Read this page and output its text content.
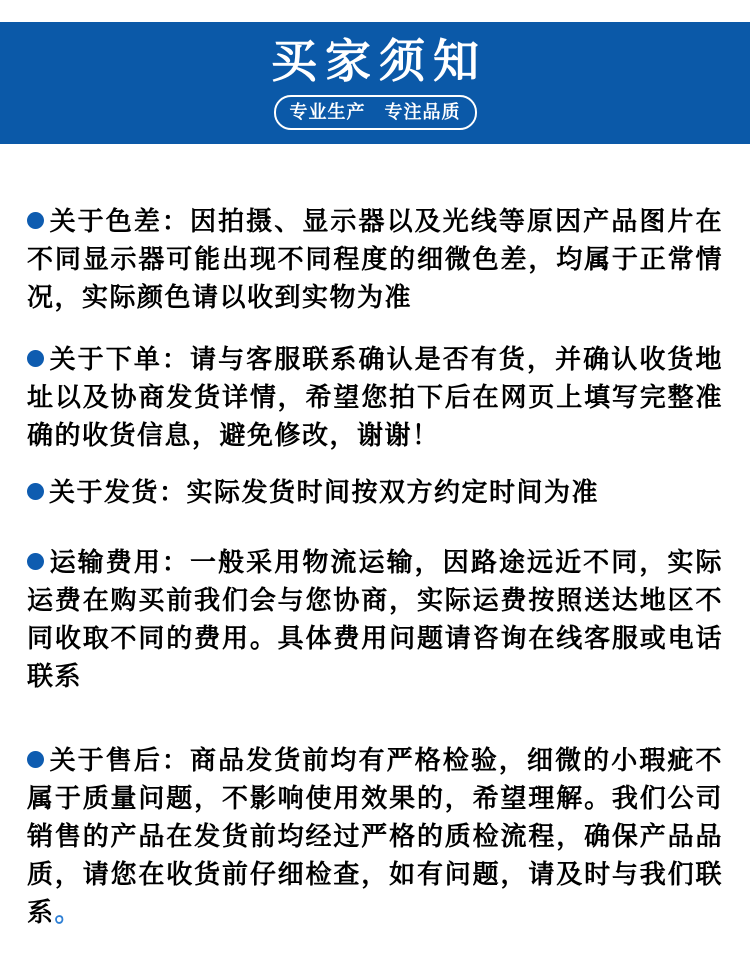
买家须知
专业生产　专注品质

关于色差：因拍摄、显示器以及光线等原因产品图片在不同显示器可能出现不同程度的细微色差，均属于正常情况，实际颜色请以收到实物为准

关于下单：请与客服联系确认是否有货，并确认收货地址以及协商发货详情，希望您拍下后在网页上填写完整准确的收货信息，避免修改，谢谢！

关于发货：实际发货时间按双方约定时间为准

运输费用：一般采用物流运输，因路途远近不同，实际运费在购买前我们会与您协商，实际运费按照送达地区不同收取不同的费用。具体费用问题请咨询在线客服或电话联系

关于售后：商品发货前均有严格检验，细微的小瑕疵不属于质量问题，不影响使用效果的，希望理解。我们公司销售的产品在发货前均经过严格的质检流程，确保产品品质，请您在收货前仔细检查，如有问题，请及时与我们联系。
